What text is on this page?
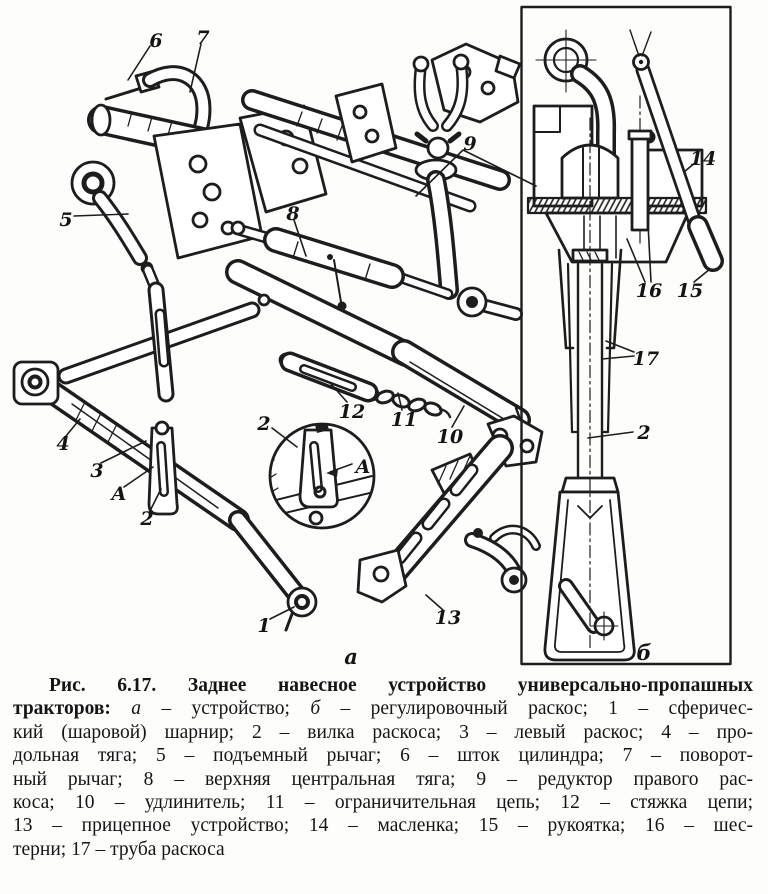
6 7
5	8
9
12 11
10
4
3
А
2
1	13
а
2
А
14
16 15
17
2
б
Рис. 6.17. Заднее навесное устройство универсально-пропашных
тракторов: а – устройство; б – регулировочный раскос; 1 – сферичес-
кий (шаровой) шарнир; 2 – вилка раскоса; 3 – левый раскос; 4 – про-
дольная тяга; 5 – подъемный рычаг; 6 – шток цилиндра; 7 – поворот-
ный рычаг; 8 – верхняя центральная тяга; 9 – редуктор правого рас-
коса; 10 – удлинитель; 11 – ограничительная цепь; 12 – стяжка цепи;
13 – прицепное устройство; 14 – масленка; 15 – рукоятка; 16 – шес-
терни; 17 – труба раскоса
